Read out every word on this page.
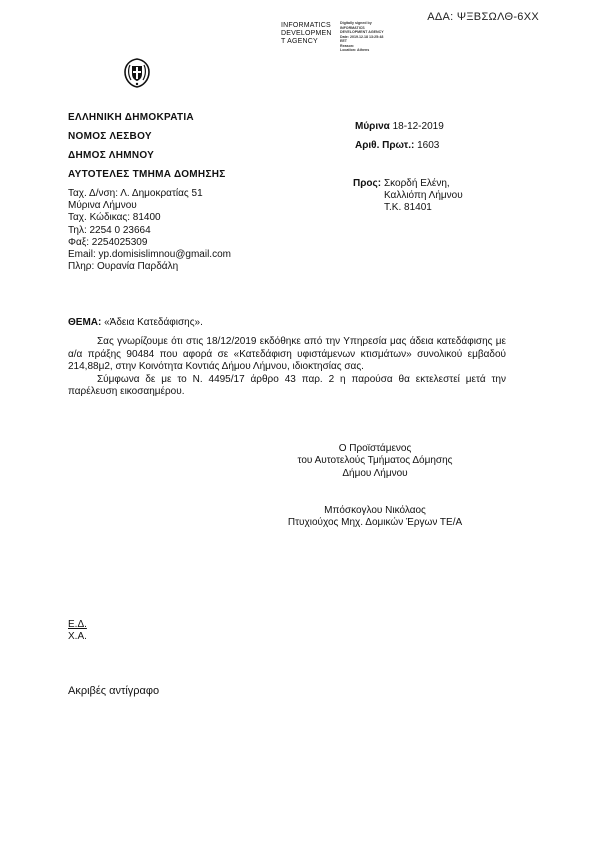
ΑΔΑ: ΨΞΒΣΩΛΘ-6ΧΧ
INFORMATICS
DEVELOPMEN
T AGENCY
Digitally signed by
INFORMATICS
DEVELOPMENT AGENCY
Date: 2019.12.18 13:25:48
EET
Reason:
Location: Athens
ΕΛΛΗΝΙΚΗ ΔΗΜΟΚΡΑΤΙΑ
ΝΟΜΟΣ ΛΕΣΒΟΥ
ΔΗΜΟΣ ΛΗΜΝΟΥ
ΑΥΤΟΤΕΛΕΣ ΤΜΗΜΑ ΔΟΜΗΣΗΣ
Ταχ. Δ/νση: Λ. Δημοκρατίας 51
Μύρινα Λήμνου
Ταχ. Κώδικας: 81400
Τηλ: 2254 0 23664
Φαξ: 2254025309
Email: yp.domisislimnou@gmail.com
Πληρ: Ουρανία Παρδάλη
Μύρινα 18-12-2019
Αριθ. Πρωτ.: 1603
Προς: Σκορδή Ελένη,
Καλλιόπη Λήμνου
Τ.Κ. 81401
ΘΕΜΑ: «Άδεια Κατεδάφισης».

Σας γνωρίζουμε ότι στις 18/12/2019 εκδόθηκε από την Υπηρεσία μας άδεια κατεδάφισης με α/α πράξης 90484 που αφορά σε «Κατεδάφιση υφιστάμενων κτισμάτων» συνολικού εμβαδού 214,88μ2, στην Κοινότητα Κοντιάς Δήμου Λήμνου, ιδιοκτησίας σας.

Σύμφωνα δε με το Ν. 4495/17 άρθρο 43 παρ. 2 η παρούσα θα εκτελεστεί μετά την παρέλευση εικοσαημέρου.

Ο Προϊστάμενος
του Αυτοτελούς Τμήματος Δόμησης
Δήμου Λήμνου
Μπόσκογλου Νικόλαος
Πτυχιούχος Μηχ. Δομικών Έργων ΤΕ/Α
Ε.Δ.
Χ.Α.
Ακριβές αντίγραφο
